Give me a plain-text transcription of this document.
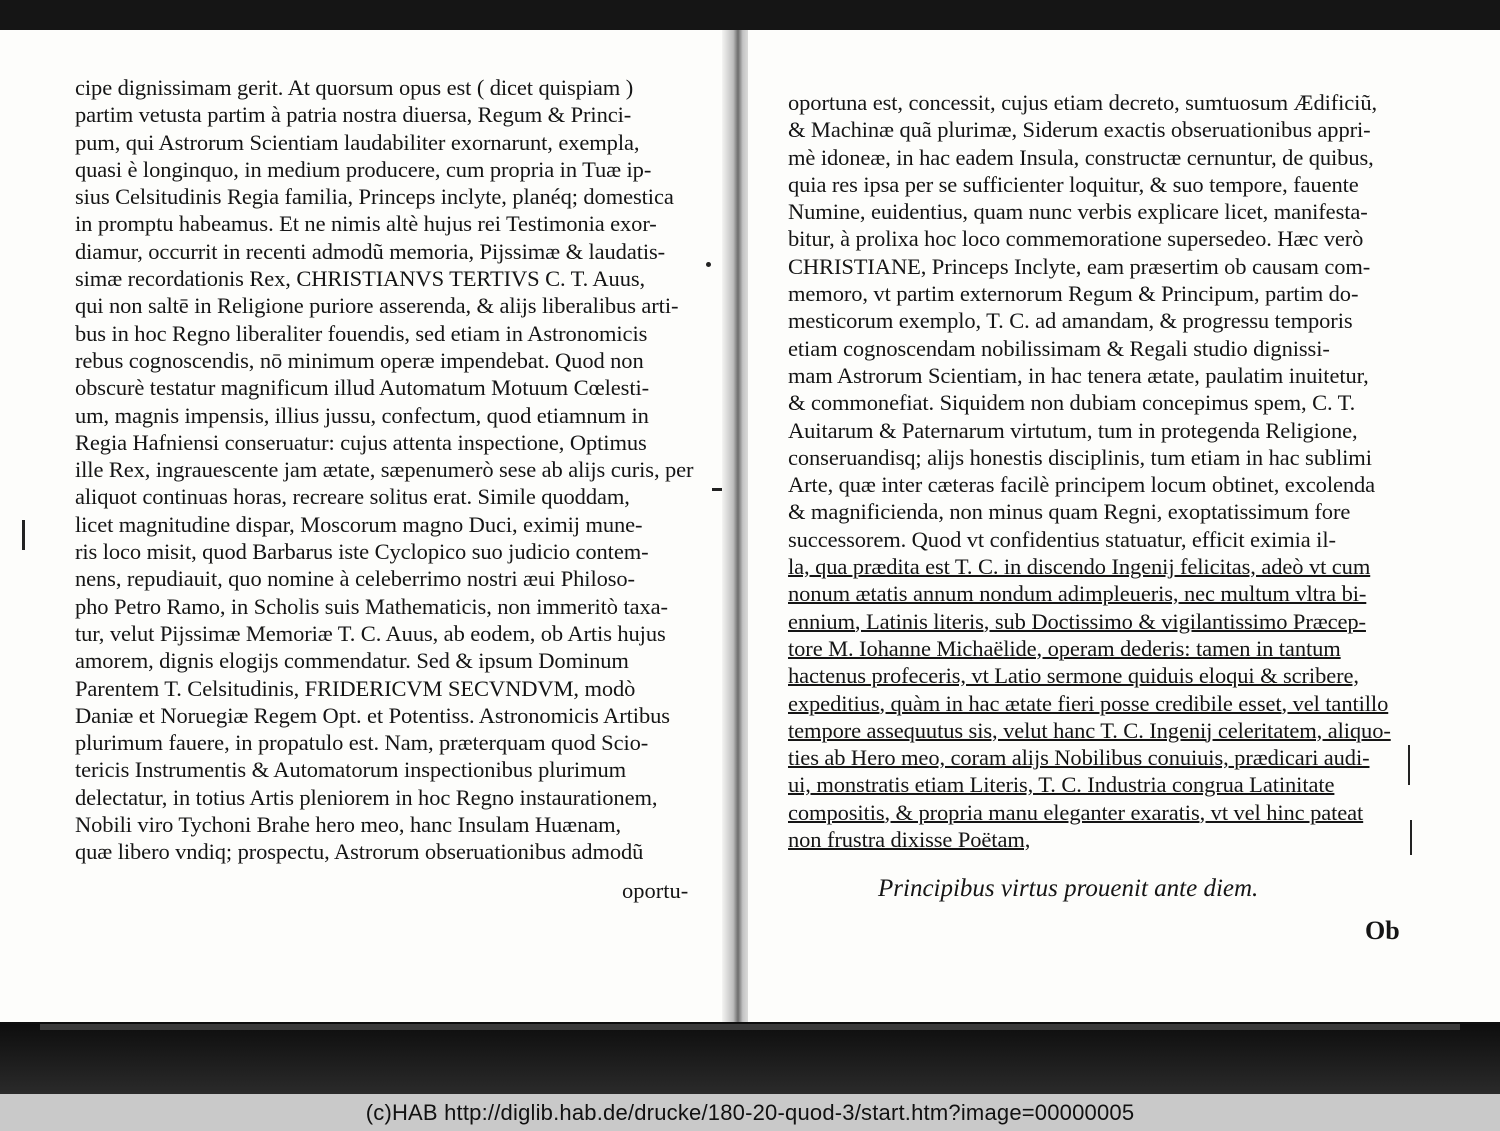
cipe dignissimam gerit. At quorsum opus est ( dicet quispiam )
partim vetusta partim à patria nostra diuersa, Regum & Princi-
pum, qui Astrorum Scientiam laudabiliter exornarunt, exempla,
quasi è longinquo, in medium producere, cum propria in Tuæ ip-
sius Celsitudinis Regia familia, Princeps inclyte, planéq; domestica
in promptu habeamus. Et ne nimis altè hujus rei Testimonia exor-
diamur, occurrit in recenti admodũ memoria, Pijssimæ & laudatis-
simæ recordationis Rex, CHRISTIANVS TERTIVS C. T. Auus,
qui non saltē in Religione puriore asserenda, & alijs liberalibus arti-
bus in hoc Regno liberaliter fouendis, sed etiam in Astronomicis
rebus cognoscendis, nō minimum operæ impendebat. Quod non
obscurè testatur magnificum illud Automatum Motuum Cœlesti-
um, magnis impensis, illius jussu, confectum, quod etiamnum in
Regia Hafniensi conseruatur: cujus attenta inspectione, Optimus
ille Rex, ingrauescente jam ætate, sæpenumerò sese ab alijs curis, per
aliquot continuas horas, recreare solitus erat. Simile quoddam,
licet magnitudine dispar, Moscorum magno Duci, eximij mune-
ris loco misit, quod Barbarus iste Cyclopico suo judicio contem-
nens, repudiauit, quo nomine à celeberrimo nostri æui Philoso-
pho Petro Ramo, in Scholis suis Mathematicis, non immeritò taxa-
tur, velut Pijssimæ Memoriæ T. C. Auus, ab eodem, ob Artis hujus
amorem, dignis elogijs commendatur. Sed & ipsum Dominum
Parentem T. Celsitudinis, FRIDERICVM SECVNDVM, modò
Daniæ et Noruegiæ Regem Opt. et Potentiss. Astronomicis Artibus
plurimum fauere, in propatulo est. Nam, præterquam quod Scio-
tericis Instrumentis & Automatorum inspectionibus plurimum
delectatur, in totius Artis pleniorem in hoc Regno instaurationem,
Nobili viro Tychoni Brahe hero meo, hanc Insulam Huænam,
quæ libero vndiq; prospectu, Astrorum obseruationibus admodũ
oportu-
oportuna est, concessit, cujus etiam decreto, sumtuosum Ædificiũ,
& Machinæ quã plurimæ, Siderum exactis obseruationibus appri-
mè idoneæ, in hac eadem Insula, constructæ cernuntur, de quibus,
quia res ipsa per se sufficienter loquitur, & suo tempore, fauente
Numine, euidentius, quam nunc verbis explicare licet, manifesta-
bitur, à prolixa hoc loco commemoratione supersedeo. Hæc verò
CHRISTIANE, Princeps Inclyte, eam præsertim ob causam com-
memoro, vt partim externorum Regum & Principum, partim do-
mesticorum exemplo, T. C. ad amandam, & progressu temporis
etiam cognoscendam nobilissimam & Regali studio dignissi-
mam Astrorum Scientiam, in hac tenera ætate, paulatim inuitetur,
& commonefiat. Siquidem non dubiam concepimus spem, C. T.
Auitarum & Paternarum virtutum, tum in protegenda Religione,
conseruandisq; alijs honestis disciplinis, tum etiam in hac sublimi
Arte, quæ inter cæteras facilè principem locum obtinet, excolenda
& magnificienda, non minus quam Regni, exoptatissimum fore
successorem. Quod vt confidentius statuatur, efficit eximia il-
la, qua prædita est T. C. in discendo Ingenij felicitas, adeò vt cum
nonum ætatis annum nondum adimpleueris, nec multum vltra bi-
ennium, Latinis literis, sub Doctissimo & vigilantissimo Præcep-
tore M. Iohanne Michaëlide, operam dederis: tamen in tantum
hactenus profeceris, vt Latio sermone quiduis eloqui & scribere,
expeditius, quàm in hac ætate fieri posse credibile esset, vel tantillo
tempore assequutus sis, velut hanc T. C. Ingenij celeritatem, aliquo-
ties ab Hero meo, coram alijs Nobilibus conuiuis, prædicari audi-
ui, monstratis etiam Literis, T. C. Industria congrua Latinitate
compositis, & propria manu eleganter exaratis, vt vel hinc pateat
non frustra dixisse Poëtam,
Principibus virtus prouenit ante diem.
Ob
(c)HAB http://diglib.hab.de/drucke/180-20-quod-3/start.htm?image=00000005
